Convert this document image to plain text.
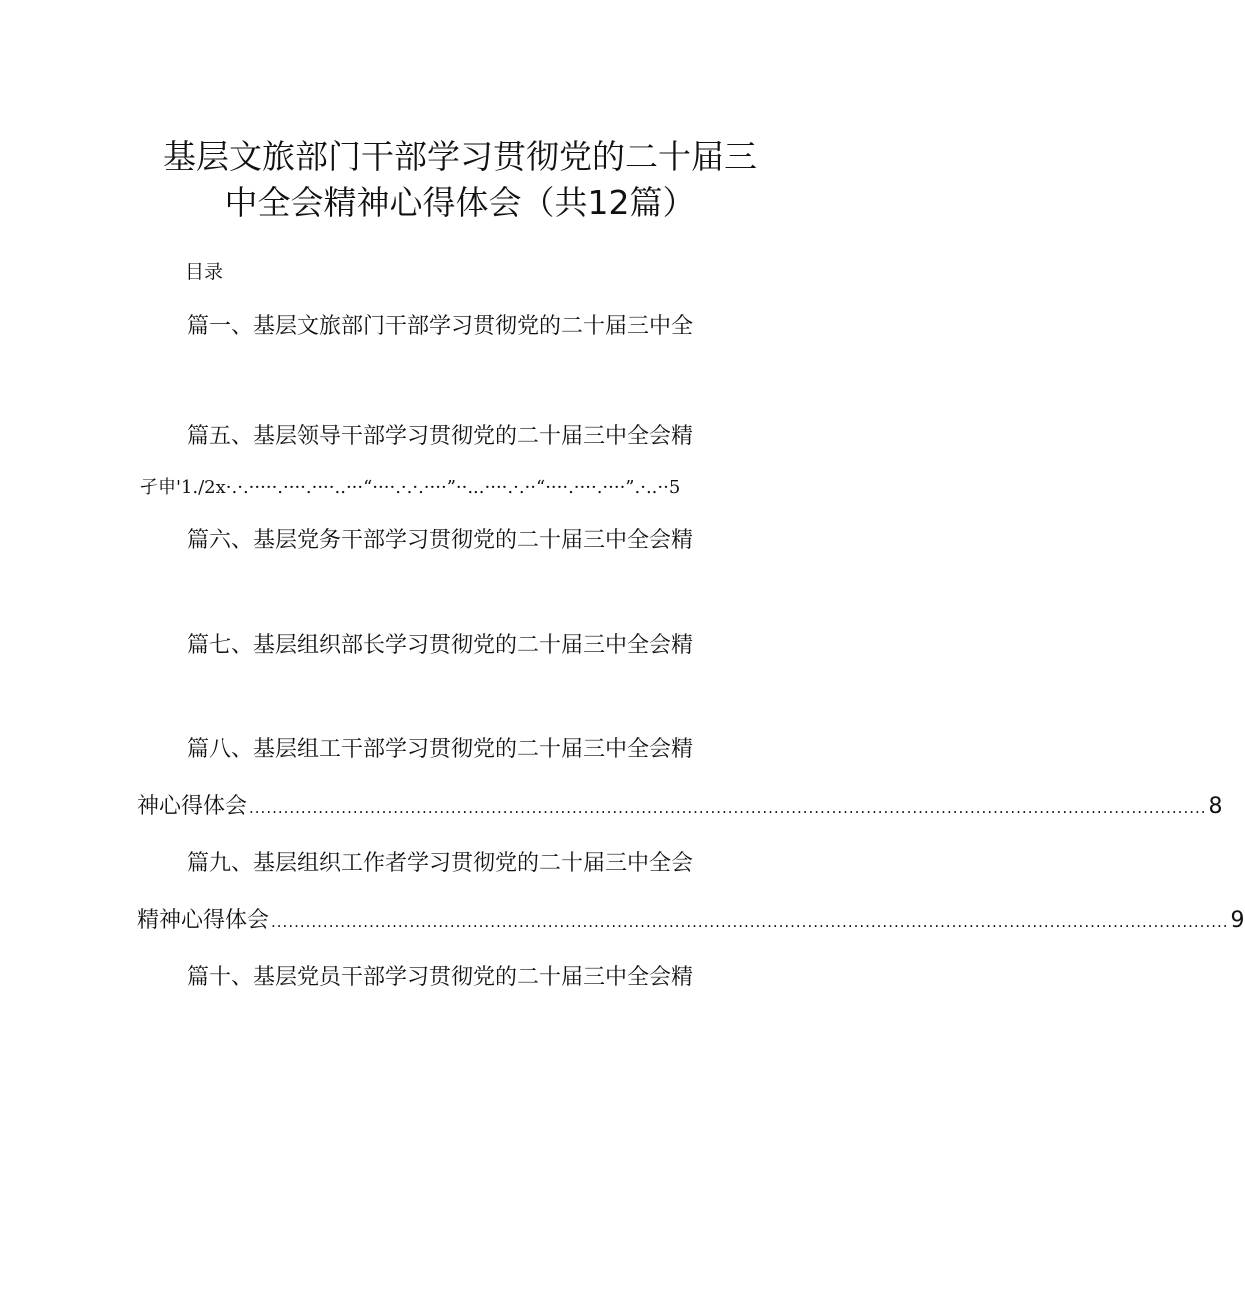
基层文旅部门干部学习贯彻党的二十届三
中全会精神心得体会（共12篇）
目录
篇一、基层文旅部门干部学习贯彻党的二十届三中全
篇五、基层领导干部学习贯彻党的二十届三中全会精
孑申'1./2x·.·.·····.····.····..···“····.·.·.····”··...····.·.··“····.····.····”.·..··5
篇六、基层党务干部学习贯彻党的二十届三中全会精
篇七、基层组织部长学习贯彻党的二十届三中全会精
篇八、基层组工干部学习贯彻党的二十届三中全会精
神心得体会 ...................................................................................................................................................................... 8
篇九、基层组织工作者学习贯彻党的二十届三中全会
精神心得体会 ...................................................................................................................................................................... 9
篇十、基层党员干部学习贯彻党的二十届三中全会精
